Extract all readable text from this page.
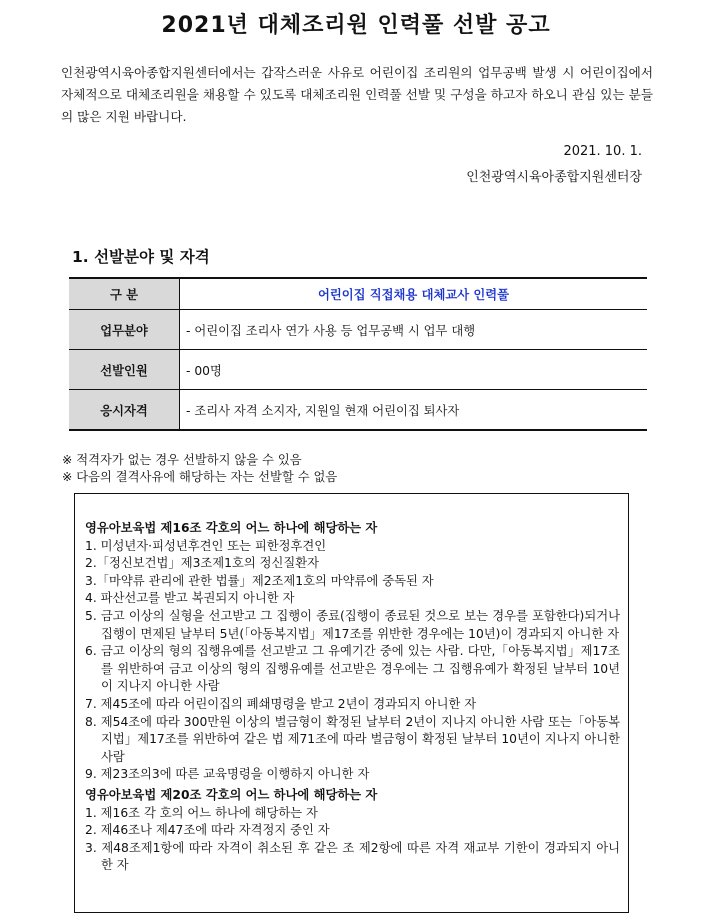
2021년 대체조리원 인력풀 선발 공고

인천광역시육아종합지원센터에서는 갑작스러운 사유로 어린이집 조리원의 업무공백 발생 시 어린이집에서 자체적으로 대체조리원을 채용할 수 있도록 대체조리원 인력풀 선발 및 구성을 하고자 하오니 관심 있는 분들의 많은 지원 바랍니다.

2021. 10. 1.
인천광역시육아종합지원센터장
1. 선발분야 및 자격
구 분	어린이집 직접채용 대체교사 인력풀
업무분야	- 어린이집 조리사 연가 사용 등 업무공백 시 업무 대행
선발인원	- 00명
응시자격	- 조리사 자격 소지자, 지원일 현재 어린이집 퇴사자
※ 적격자가 없는 경우 선발하지 않을 수 있음
※ 다음의 결격사유에 해당하는 자는 선발할 수 없음
영유아보육법 제16조 각호의 어느 하나에 해당하는 자
1. 미성년자·피성년후견인 또는 피한정후견인
2.「정신보건법」제3조제1호의 정신질환자
3.「마약류 관리에 관한 법률」제2조제1호의 마약류에 중독된 자
4. 파산선고를 받고 복권되지 아니한 자
5. 금고 이상의 실형을 선고받고 그 집행이 종료(집행이 종료된 것으로 보는 경우를 포함한다)되거나 집행이 면제된 날부터 5년(「아동복지법」제17조를 위반한 경우에는 10년)이 경과되지 아니한 자
6. 금고 이상의 형의 집행유예를 선고받고 그 유예기간 중에 있는 사람. 다만,「아동복지법」제17조를 위반하여 금고 이상의 형의 집행유예를 선고받은 경우에는 그 집행유예가 확정된 날부터 10년이 지나지 아니한 사람
7. 제45조에 따라 어린이집의 폐쇄명령을 받고 2년이 경과되지 아니한 자
8. 제54조에 따라 300만원 이상의 벌금형이 확정된 날부터 2년이 지나지 아니한 사람 또는「아동복지법」제17조를 위반하여 같은 법 제71조에 따라 벌금형이 확정된 날부터 10년이 지나지 아니한 사람
9. 제23조의3에 따른 교육명령을 이행하지 아니한 자
영유아보육법 제20조 각호의 어느 하나에 해당하는 자
1. 제16조 각 호의 어느 하나에 해당하는 자
2. 제46조나 제47조에 따라 자격정지 중인 자
3. 제48조제1항에 따라 자격이 취소된 후 같은 조 제2항에 따른 자격 재교부 기한이 경과되지 아니한 자
